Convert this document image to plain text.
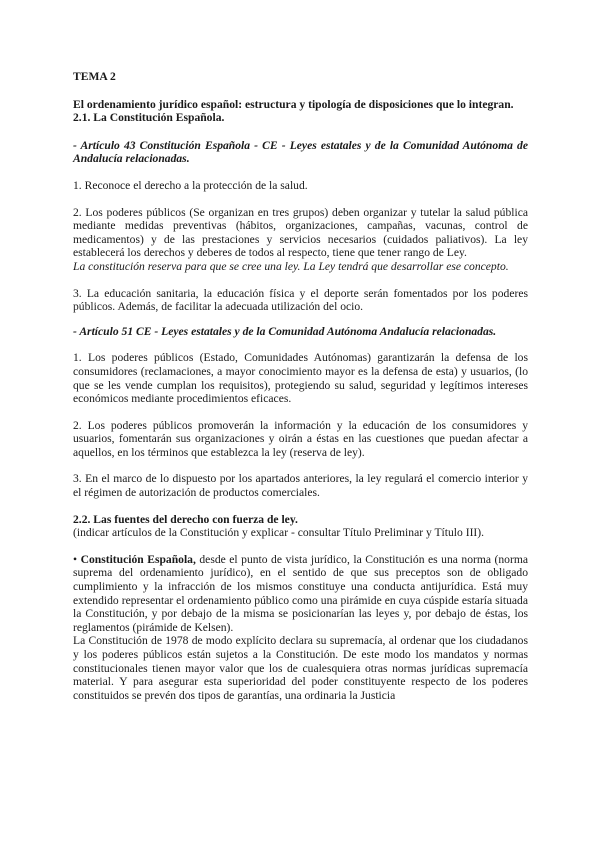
TEMA 2

El ordenamiento jurídico español: estructura y tipología de disposiciones que lo integran.

2.1. La Constitución Española.

- Artículo 43 Constitución Española - CE - Leyes estatales y de la Comunidad Autónoma de Andalucía relacionadas.

1. Reconoce el derecho a la protección de la salud.

2. Los poderes públicos (Se organizan en tres grupos) deben organizar y tutelar la salud pública mediante medidas preventivas (hábitos, organizaciones, campañas, vacunas, control de medicamentos) y de las prestaciones y servicios necesarios (cuidados paliativos). La ley establecerá los derechos y deberes de todos al respecto, tiene que tener rango de Ley.

La constitución reserva para que se cree una ley. La Ley tendrá que desarrollar ese concepto.

3. La educación sanitaria, la educación física y el deporte serán fomentados por los poderes públicos. Además, de facilitar la adecuada utilización del ocio.

- Artículo 51 CE - Leyes estatales y de la Comunidad Autónoma Andalucía relacionadas.

1. Los poderes públicos (Estado, Comunidades Autónomas) garantizarán la defensa de los consumidores (reclamaciones, a mayor conocimiento mayor es la defensa de esta) y usuarios, (lo que se les vende cumplan los requisitos), protegiendo su salud, seguridad y legítimos intereses económicos mediante procedimientos eficaces.

2. Los poderes públicos promoverán la información y la educación de los consumidores y usuarios, fomentarán sus organizaciones y oirán a éstas en las cuestiones que puedan afectar a aquellos, en los términos que establezca la ley (reserva de ley).

3. En el marco de lo dispuesto por los apartados anteriores, la ley regulará el comercio interior y el régimen de autorización de productos comerciales.

2.2. Las fuentes del derecho con fuerza de ley.

(indicar artículos de la Constitución y explicar - consultar Título Preliminar y Título III).

• Constitución Española, desde el punto de vista jurídico, la Constitución es una norma (norma suprema del ordenamiento jurídico), en el sentido de que sus preceptos son de obligado cumplimiento y la infracción de los mismos constituye una conducta antijurídica. Está muy extendido representar el ordenamiento público como una pirámide en cuya cúspide estaría situada la Constitución, y por debajo de la misma se posicionarían las leyes y, por debajo de éstas, los reglamentos (pirámide de Kelsen).

La Constitución de 1978 de modo explícito declara su supremacía, al ordenar que los ciudadanos y los poderes públicos están sujetos a la Constitución. De este modo los mandatos y normas constitucionales tienen mayor valor que los de cualesquiera otras normas jurídicas supremacía material. Y para asegurar esta superioridad del poder constituyente respecto de los poderes constituidos se prevén dos tipos de garantías, una ordinaria la Justicia
